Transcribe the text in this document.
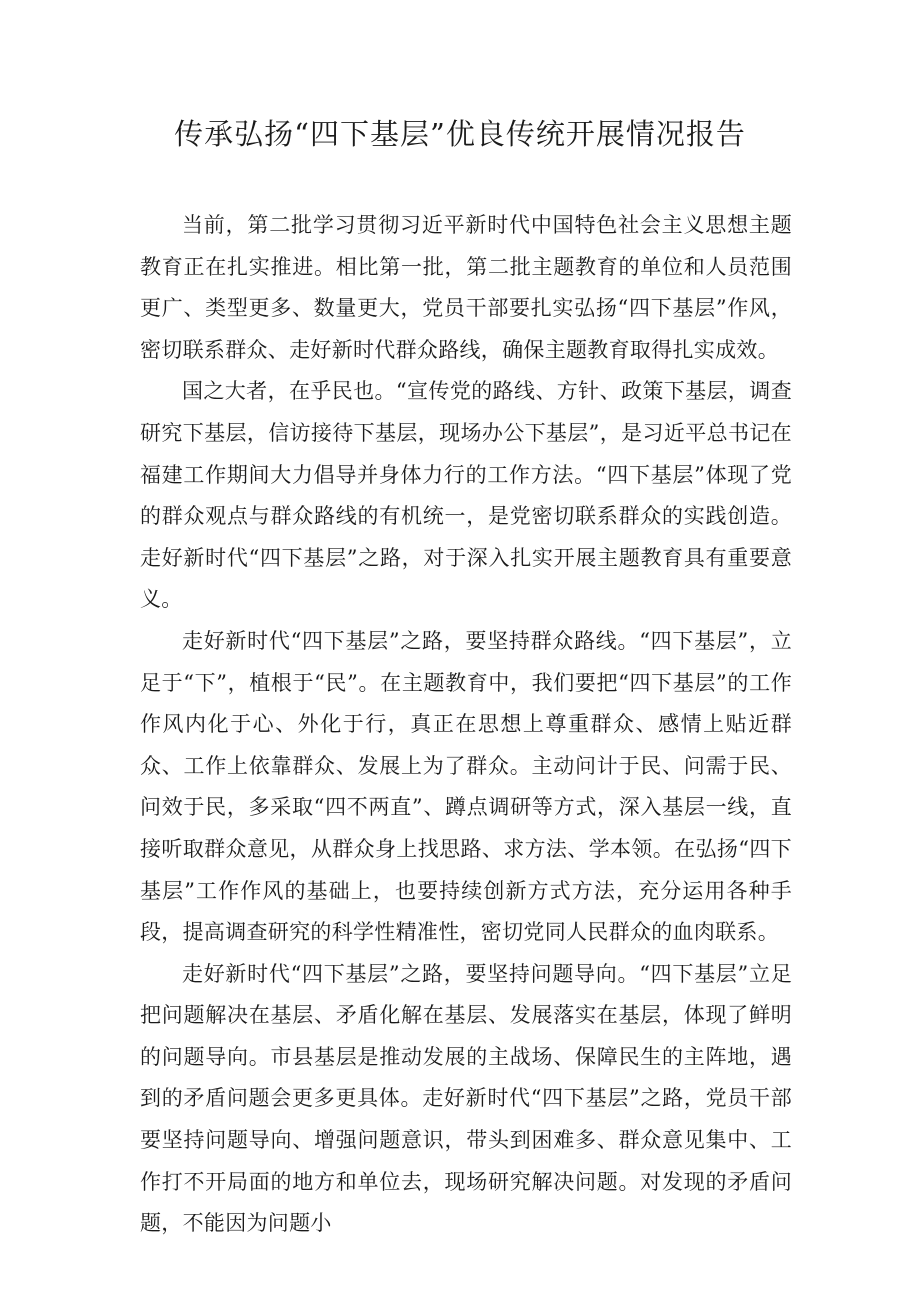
传承弘扬“四下基层”优良传统开展情况报告

当前，第二批学习贯彻习近平新时代中国特色社会主义思想主题教育正在扎实推进。相比第一批，第二批主题教育的单位和人员范围更广、类型更多、数量更大，党员干部要扎实弘扬“四下基层”作风，密切联系群众、走好新时代群众路线，确保主题教育取得扎实成效。

国之大者，在乎民也。“宣传党的路线、方针、政策下基层，调查研究下基层，信访接待下基层，现场办公下基层”，是习近平总书记在福建工作期间大力倡导并身体力行的工作方法。“四下基层”体现了党的群众观点与群众路线的有机统一，是党密切联系群众的实践创造。走好新时代“四下基层”之路，对于深入扎实开展主题教育具有重要意义。

走好新时代“四下基层”之路，要坚持群众路线。“四下基层”，立足于“下”，植根于“民”。在主题教育中，我们要把“四下基层”的工作作风内化于心、外化于行，真正在思想上尊重群众、感情上贴近群众、工作上依靠群众、发展上为了群众。主动问计于民、问需于民、问效于民，多采取“四不两直”、蹲点调研等方式，深入基层一线，直接听取群众意见，从群众身上找思路、求方法、学本领。在弘扬“四下基层”工作作风的基础上，也要持续创新方式方法，充分运用各种手段，提高调查研究的科学性精准性，密切党同人民群众的血肉联系。

走好新时代“四下基层”之路，要坚持问题导向。“四下基层”立足把问题解决在基层、矛盾化解在基层、发展落实在基层，体现了鲜明的问题导向。市县基层是推动发展的主战场、保障民生的主阵地，遇到的矛盾问题会更多更具体。走好新时代“四下基层”之路，党员干部要坚持问题导向、增强问题意识，带头到困难多、群众意见集中、工作打不开局面的地方和单位去，现场研究解决问题。对发现的矛盾问题，不能因为问题小
